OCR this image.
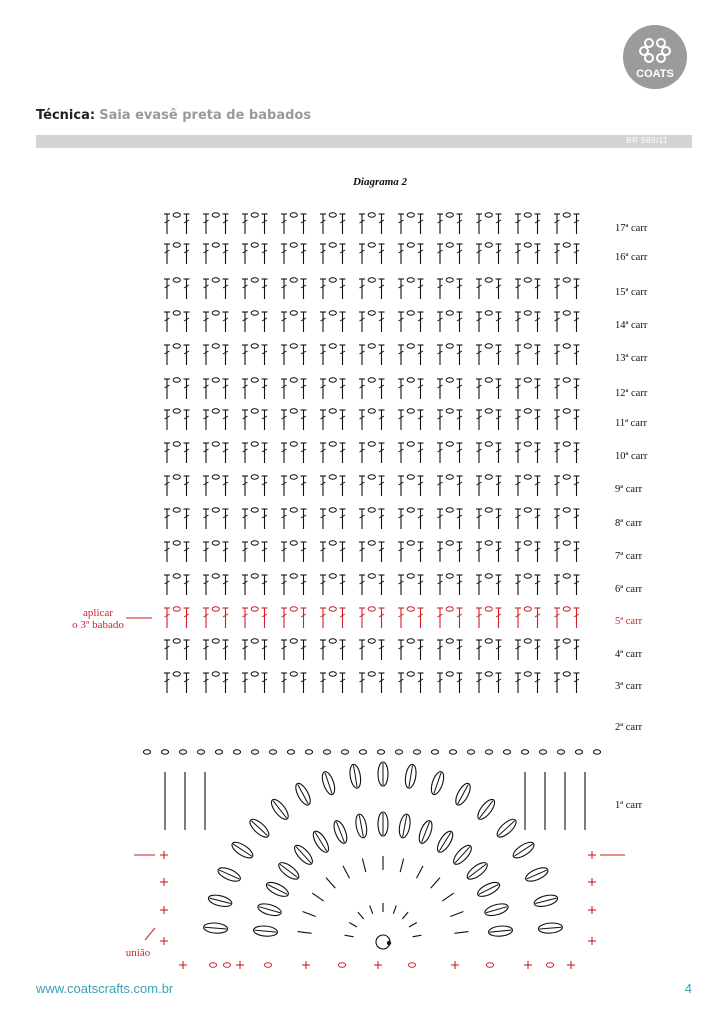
COATS
Técnica: Saia evasê preta de babados
BR 586/11
Diagrama 2
17ª carr
16ª carr
15ª carr
14ª carr
13ª carr
12ª carr
11ª carr
10ª carr
9ª carr
8ª carr
7ª carr
6ª carr
5ª carr
4ª carr
3ª carr
2ª carr
1ª carr
aplicar
o 3º babado
união
www.coatscrafts.com.br	4
